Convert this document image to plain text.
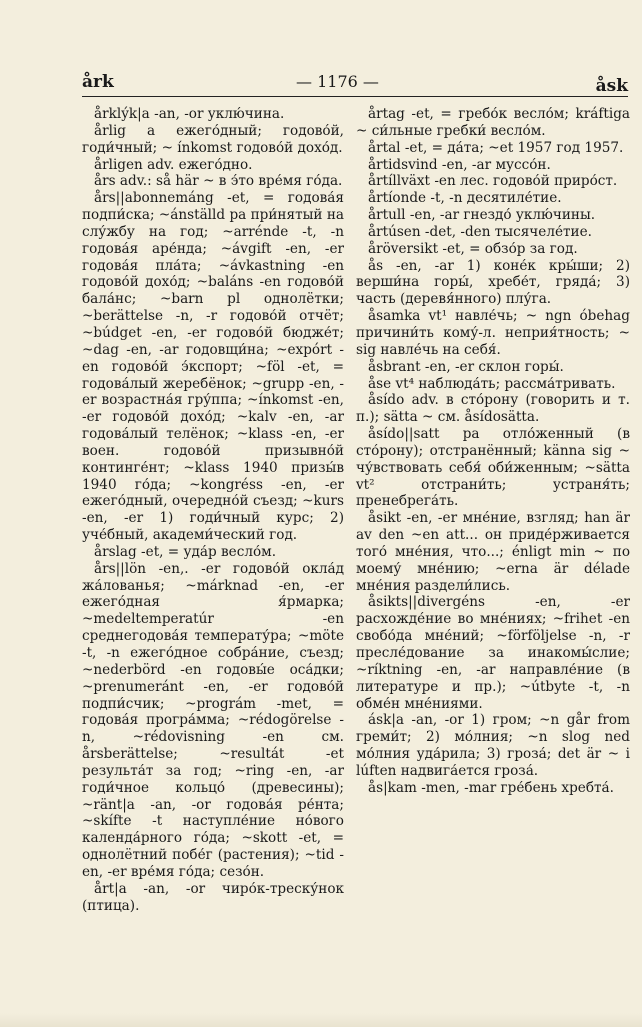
årk	— 1176 —	åsk

årklýk|a -an, -or уклю́чина.

årlig a ежего́дный; годово́й, годи́чный; ~ ínkomst годово́й дохо́д.

årligen adv. ежего́дно.

års adv.: så här ~ в э́то вре́мя го́да.

års||abonnemáng -et, = годова́я подпи́ска; ~ánställd pa при́нятый на слу́жбу на год; ~arrénde -t, -n годова́я аре́нда; ~ávgift -en, -er годова́я пла́та; ~ávkastning -en годово́й дохо́д; ~baláns -en годово́й бала́нс; ~barn pl однолётки; ~berättelse -n, -r годово́й отчёт; ~búdget -en, -er годово́й бюдже́т; ~dag -en, -ar годовщи́на; ~expórt -en годово́й э́кспорт; ~föl -et, = годова́лый жеребёнок; ~grupp -en, -er возрастна́я гру́ппа; ~ínkomst -en, -er годово́й дохо́д; ~kalv -en, -ar годова́лый телёнок; ~klass -en, -er воен. годово́й призывно́й континге́нт; ~klass 1940 призы́в 1940 го́да; ~kongréss -en, -er ежего́дный, очередно́й съезд; ~kurs -en, -er 1) годи́чный курс; 2) уче́бный, академи́ческий год.

årslag -et, = уда́р весло́м.

års||lön -en,. -er годово́й окла́д жа́лованья; ~márknad -en, -er ежего́дная я́рмарка; ~medeltemperatúr -en среднегодова́я температу́ра; ~möte -t, -n ежего́дное собра́ние, съезд; ~nederbörd -en годовы́е оса́дки; ~prenumeránt -en, -er годово́й подпи́счик; ~prográm -met, = годова́я програ́мма; ~rédogörelse -n, ~rédovisning -en см. årsberättelse; ~resultát -et результа́т за год; ~ring -en, -ar годи́чное кольцо́ (древесины); ~ränt|a -an, -or годова́я ре́нта; ~skífte -t наступле́ние но́вого календа́рного го́да; ~skott -et, = однолётний побе́г (растения); ~tid -en, -er вре́мя го́да; сезо́н.

årt|a -an, -or чиро́к-треску́нок (птица).

årtag -et, = гребо́к весло́м; kráftiga ~ си́льные гребки́ весло́м.

årtal -et, = да́та; ~et 1957 год 1957.

årtidsvind -en, -ar муссо́н.

årtíllväxt -en лес. годово́й приро́ст.

årtíonde -t, -n десятиле́тие.

årtull -en, -ar гнездо́ уклю́чины.

årtúsen -det, -den тысячеле́тие.

åröversikt -et, = обзо́р за год.

ås -en, -ar 1) коне́к кры́ши; 2) верши́на горы́, хребе́т, гряда́; 3) часть (деревя́нного) плу́га.

åsamka vt¹ навле́чь; ~ ngn óbehag причини́ть кому́-л. неприя́тность; ~ sig навле́чь на себя́.

åsbrant -en, -er склон горы́.

åse vt⁴ наблюда́ть; рассма́тривать.

åsído adv. в сто́рону (говорить и т. п.); sätta ~ см. åsídosätta.

åsído||satt pa отло́женный (в сто́рону); отстранённый; känna sig ~ чу́вствовать себя́ оби́женным; ~sätta vt² отстрани́ть; устраня́ть; пренебрега́ть.

åsikt -en, -er мне́ние, взгляд; han är av den ~en att... он приде́рживается того́ мне́ния, что...; énligt min ~ по моему́ мне́нию; ~erna är délade мне́ния раздели́лись.

åsikts||divergéns -en, -er расхожде́ние во мне́ниях; ~frihet -en свобо́да мне́ний; ~förföljelse -n, -r пресле́дование за инакомы́слие; ~ríktning -en, -ar направле́ние (в литературе и пр.); ~útbyte -t, -n обме́н мне́ниями.

ásk|a -an, -or 1) гром; ~n går from греми́т; 2) мо́лния; ~n slog ned мо́лния уда́рила; 3) гроза́; det är ~ i lúften надвига́ется гроза́.

ås|kam -men, -mar гре́бень хребта́.
